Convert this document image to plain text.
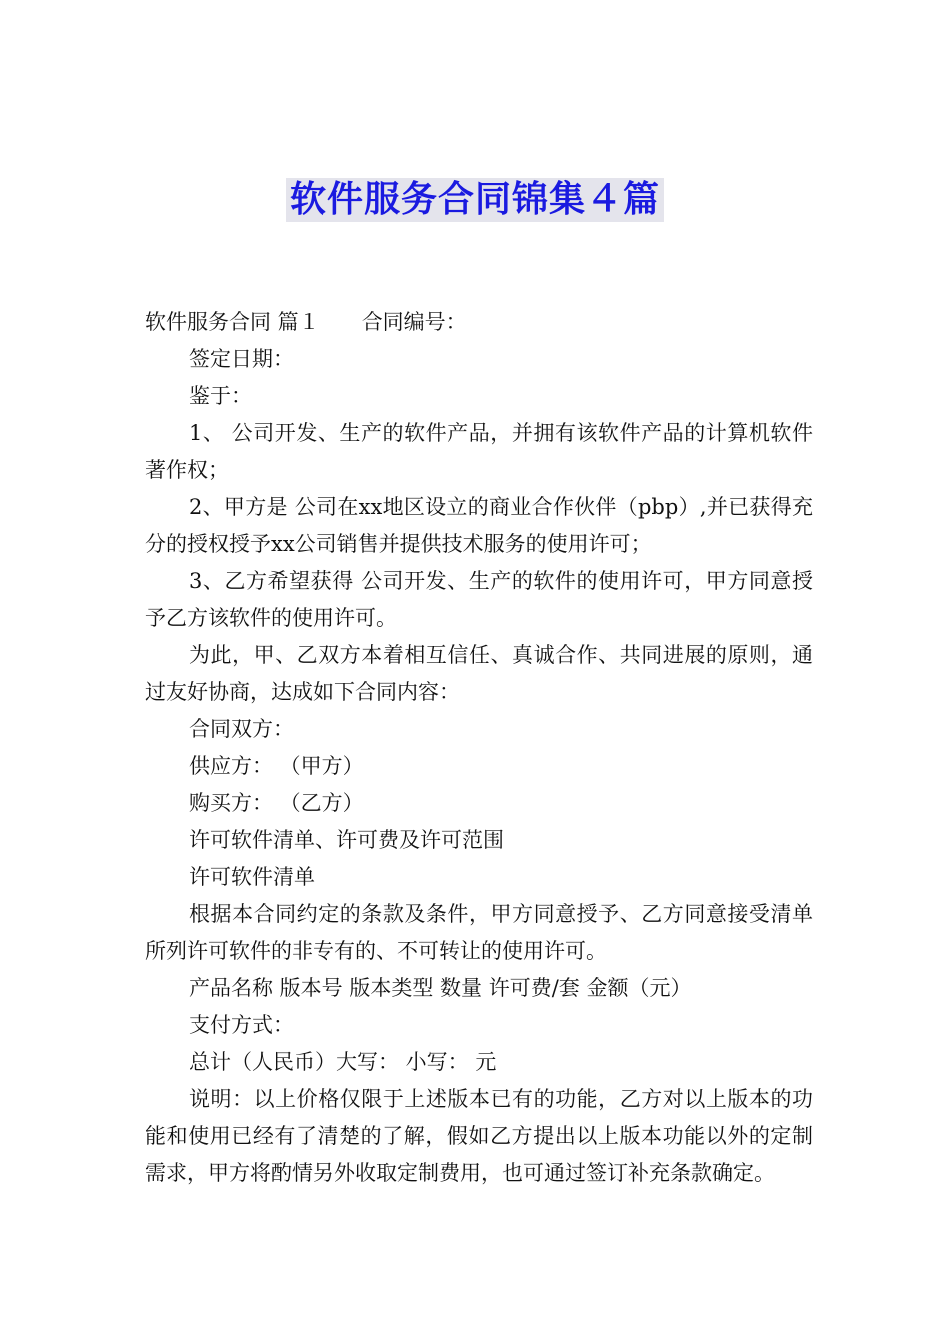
软件服务合同锦集４篇

软件服务合同 篇１ 合同编号：

签定日期：

鉴于：

1、 公司开发、生产的软件产品，并拥有该软件产品的计算机软件著作权；

2、甲方是 公司在xx地区设立的商业合作伙伴（pbp）,并已获得充分的授权授予xx公司销售并提供技术服务的使用许可；

3、乙方希望获得 公司开发、生产的软件的使用许可，甲方同意授予乙方该软件的使用许可。

为此，甲、乙双方本着相互信任、真诚合作、共同进展的原则，通过友好协商，达成如下合同内容：

合同双方：

供应方： （甲方）

购买方： （乙方）

许可软件清单、许可费及许可范围

许可软件清单

根据本合同约定的条款及条件，甲方同意授予、乙方同意接受清单所列许可软件的非专有的、不可转让的使用许可。

产品名称 版本号 版本类型 数量 许可费/套 金额（元）

支付方式：

总计（人民币）大写： 小写： 元

说明：以上价格仅限于上述版本已有的功能，乙方对以上版本的功能和使用已经有了清楚的了解，假如乙方提出以上版本功能以外的定制需求，甲方将酌情另外收取定制费用，也可通过签订补充条款确定。
